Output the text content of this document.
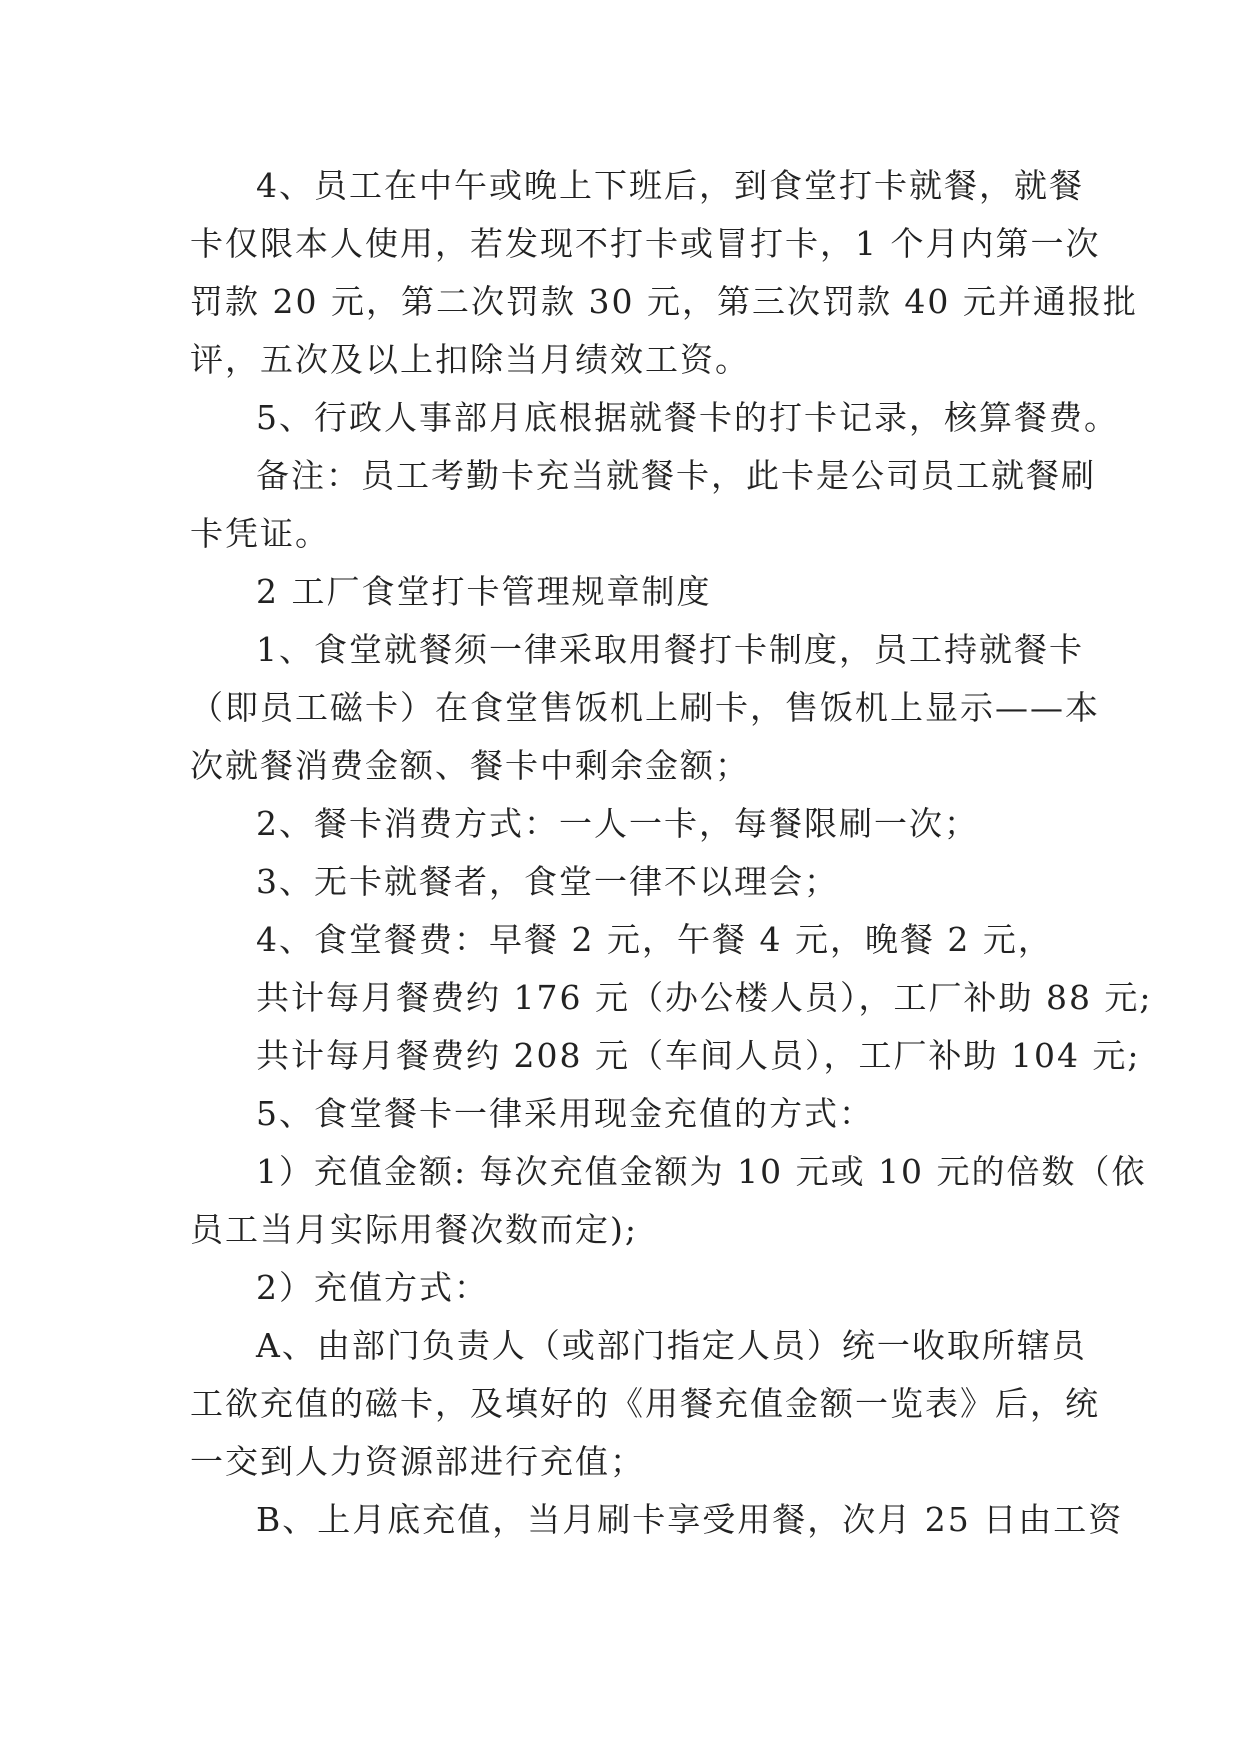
4、员工在中午或晚上下班后，到食堂打卡就餐，就餐
卡仅限本人使用，若发现不打卡或冒打卡，1 个月内第一次
罚款 20 元，第二次罚款 30 元，第三次罚款 40 元并通报批
评，五次及以上扣除当月绩效工资。
5、行政人事部月底根据就餐卡的打卡记录，核算餐费。
备注：员工考勤卡充当就餐卡，此卡是公司员工就餐刷
卡凭证。
2 工厂食堂打卡管理规章制度
1、食堂就餐须一律采取用餐打卡制度，员工持就餐卡
（即员工磁卡）在食堂售饭机上刷卡，售饭机上显示——本
次就餐消费金额、餐卡中剩余金额；
2、餐卡消费方式：一人一卡，每餐限刷一次；
3、无卡就餐者，食堂一律不以理会；
4、食堂餐费：早餐 2 元，午餐 4 元，晚餐 2 元，
共计每月餐费约 176 元（办公楼人员），工厂补助 88 元;
共计每月餐费约 208 元（车间人员），工厂补助 104 元;
5、食堂餐卡一律采用现金充值的方式：
1）充值金额: 每次充值金额为 10 元或 10 元的倍数（依
员工当月实际用餐次数而定);
2）充值方式：
A、由部门负责人（或部门指定人员）统一收取所辖员
工欲充值的磁卡，及填好的《用餐充值金额一览表》后，统
一交到人力资源部进行充值；
B、上月底充值，当月刷卡享受用餐，次月 25 日由工资
